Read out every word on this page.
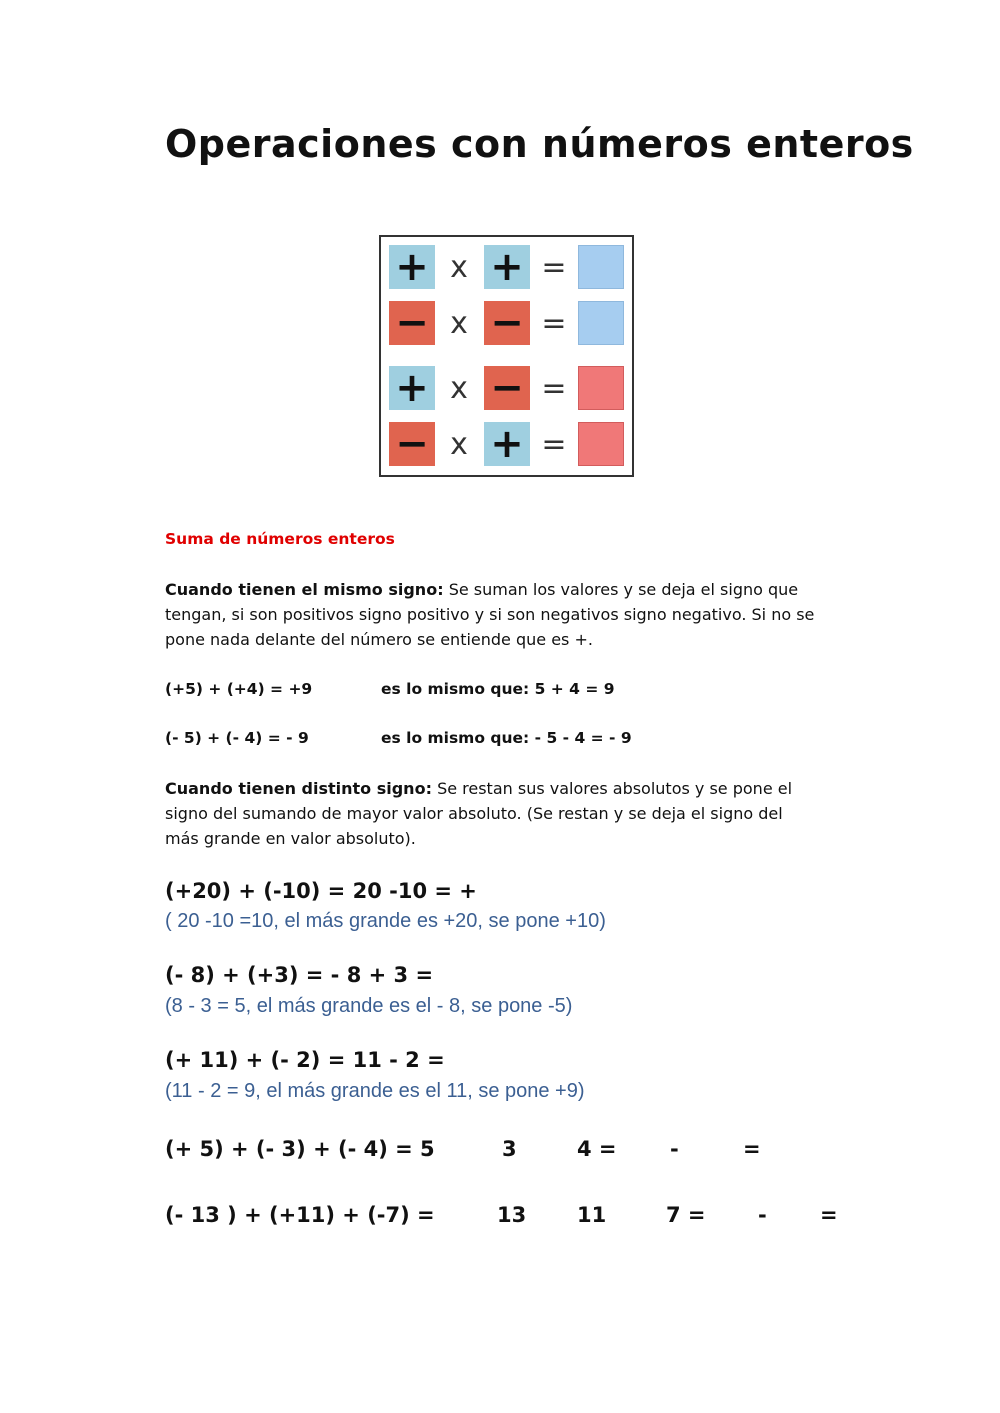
Operaciones con números enteros
+ x + =
− x − =
+ x − =
− x + =

Suma de números enteros

Cuando tienen el mismo signo: Se suman los valores y se deja el signo que tengan, si son positivos signo positivo y si son negativos signo negativo. Si no se pone nada delante del número se entiende que es +.

(+5) + (+4) = +9	es lo mismo que: 5 + 4 = 9

(- 5) + (- 4) = - 9	es lo mismo que: - 5 - 4 = - 9

Cuando tienen distinto signo: Se restan sus valores absolutos y se pone el signo del sumando de mayor valor absoluto. (Se restan y se deja el signo del más grande en valor absoluto).

(+20) + (-10) = 20 -10 = +

( 20 -10 =10, el más grande es +20, se pone +10)

(- 8) + (+3) = - 8 + 3 =

(8 - 3 = 5, el más grande es el - 8, se pone -5)

(+ 11) + (- 2) = 11 - 2 =

(11 - 2 = 9, el más grande es el 11, se pone +9)

(+ 5) + (- 3) + (- 4) = 5	3	4 =	-	=

(- 13 ) + (+11) + (-7) =	13 11	7 = -	=
